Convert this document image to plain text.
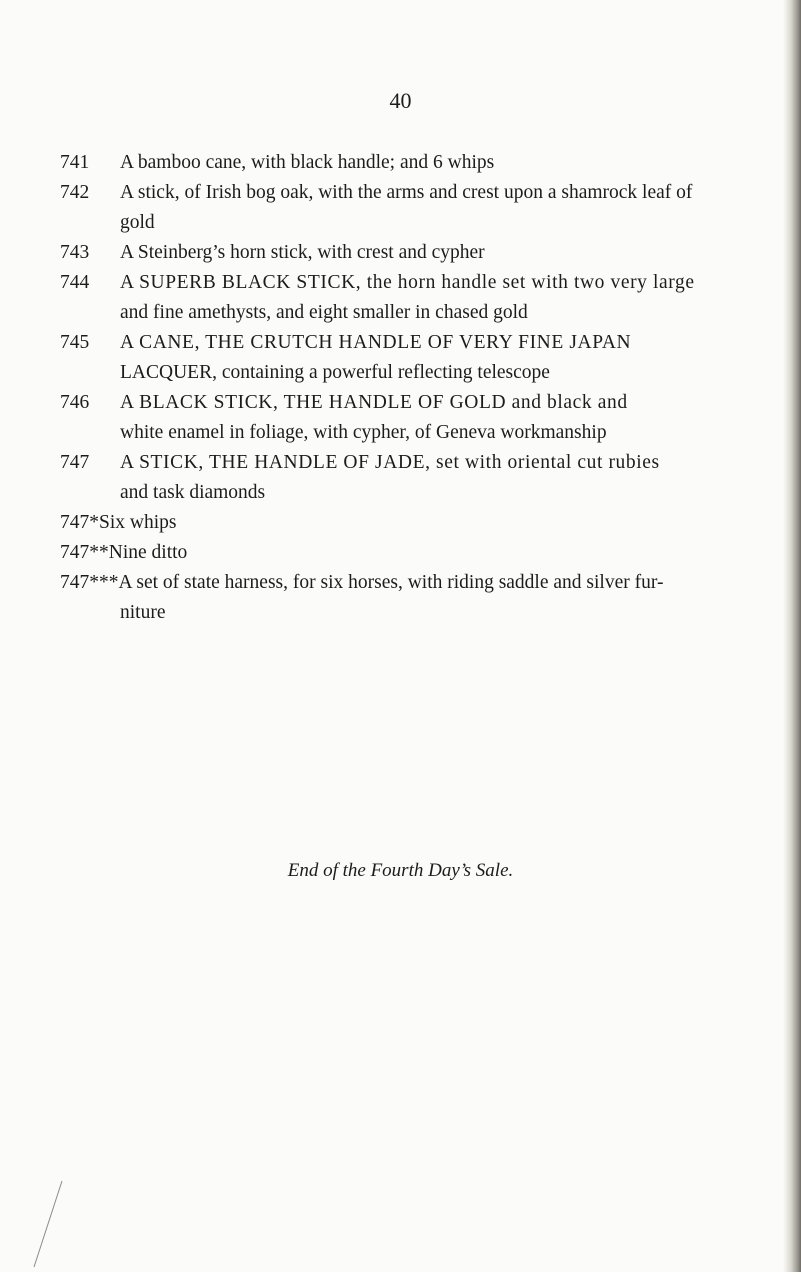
40
741 A bamboo cane, with black handle; and 6 whips
742 A stick, of Irish bog oak, with the arms and crest upon a shamrock leaf of
gold
743 A Steinberg’s horn stick, with crest and cypher
744 A SUPERB BLACK STICK, the horn handle set with two very large
and fine amethysts, and eight smaller in chased gold
745 A CANE, THE CRUTCH HANDLE OF VERY FINE JAPAN
LACQUER, containing a powerful reflecting telescope
746 A BLACK STICK, THE HANDLE OF GOLD and black and
white enamel in foliage, with cypher, of Geneva workmanship
747 A STICK, THE HANDLE OF JADE, set with oriental cut rubies
and task diamonds
747*Six whips
747**Nine ditto
747***A set of state harness, for six horses, with riding saddle and silver fur-
niture
End of the Fourth Day’s Sale.
